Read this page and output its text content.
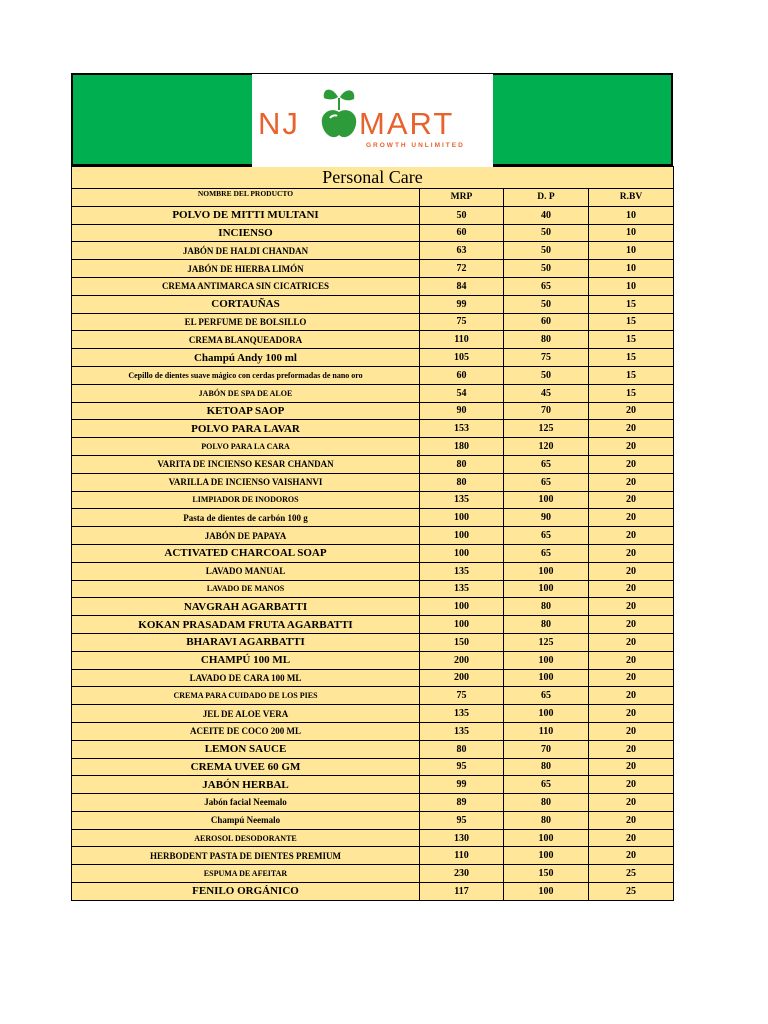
NJ MART
GROWTH UNLIMITED
Personal Care			
NOMBRE DEL PRODUCTO	MRP	D. P	R.BV
POLVO DE MITTI MULTANI	50	40	10
INCIENSO	60	50	10
JABÓN DE HALDI CHANDAN	63	50	10
JABÓN DE HIERBA LIMÓN	72	50	10
CREMA ANTIMARCA SIN CICATRICES	84	65	10
CORTAUÑAS	99	50	15
EL PERFUME DE BOLSILLO	75	60	15
CREMA BLANQUEADORA	110	80	15
Champú Andy 100 ml	105	75	15
Cepillo de dientes suave mágico con cerdas preformadas de nano oro	60	50	15
JABÓN DE SPA DE ALOE	54	45	15
KETOAP SAOP	90	70	20
POLVO PARA LAVAR	153	125	20
POLVO PARA LA CARA	180	120	20
VARITA DE INCIENSO KESAR CHANDAN	80	65	20
VARILLA DE INCIENSO VAISHANVI	80	65	20
LIMPIADOR DE INODOROS	135	100	20
Pasta de dientes de carbón 100 g	100	90	20
JABÓN DE PAPAYA	100	65	20
ACTIVATED CHARCOAL SOAP	100	65	20
LAVADO MANUAL	135	100	20
LAVADO DE MANOS	135	100	20
NAVGRAH AGARBATTI	100	80	20
KOKAN PRASADAM FRUTA AGARBATTI	100	80	20
BHARAVI AGARBATTI	150	125	20
CHAMPÚ 100 ML	200	100	20
LAVADO DE CARA 100 ML	200	100	20
CREMA PARA CUIDADO DE LOS PIES	75	65	20
JEL DE ALOE VERA	135	100	20
ACEITE DE COCO 200 ML	135	110	20
LEMON SAUCE	80	70	20
CREMA UVEE 60 GM	95	80	20
JABÓN HERBAL	99	65	20
Jabón facial Neemalo	89	80	20
Champú Neemalo	95	80	20
AEROSOL DESODORANTE	130	100	20
HERBODENT PASTA DE DIENTES PREMIUM	110	100	20
ESPUMA DE AFEITAR	230	150	25
FENILO ORGÁNICO	117	100	25
